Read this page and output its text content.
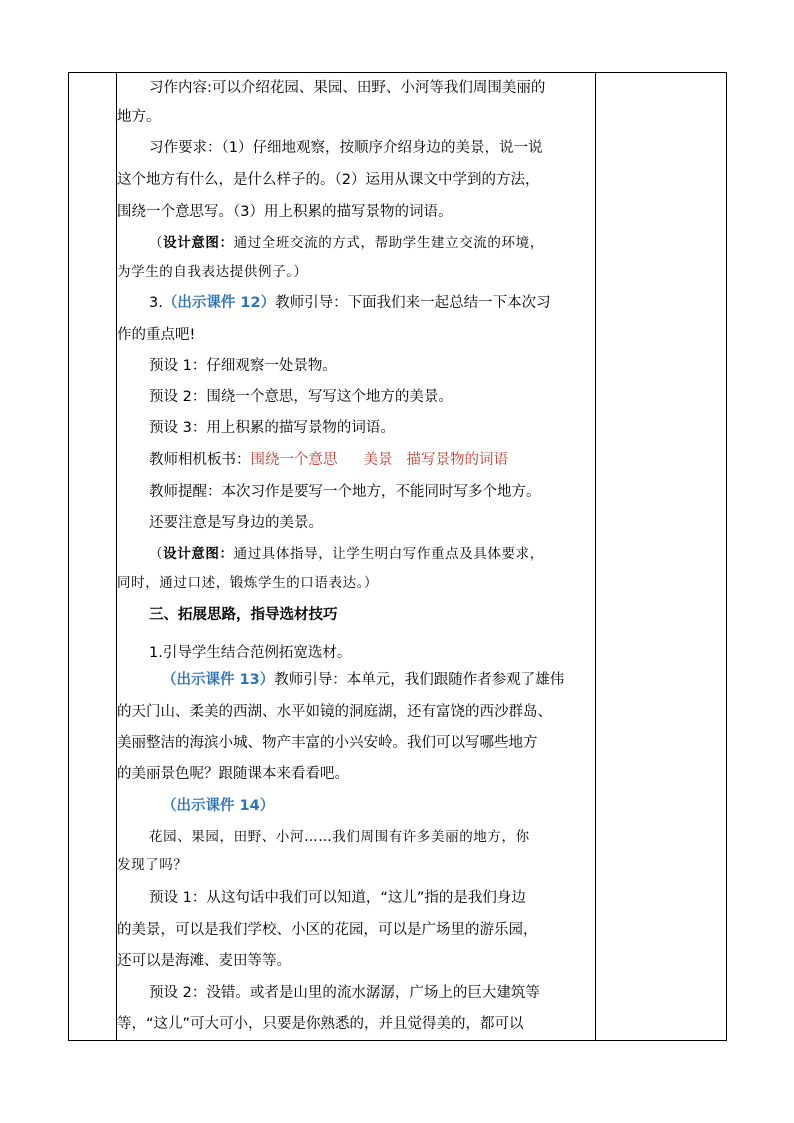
习作内容:可以介绍花园、果园、田野、小河等我们周围美丽的
地方。
习作要求：（1）仔细地观察，按顺序介绍身边的美景，说一说
这个地方有什么，是什么样子的。（2）运用从课文中学到的方法，
围绕一个意思写。（3）用上积累的描写景物的词语。
（设计意图：通过全班交流的方式，帮助学生建立交流的环境，
为学生的自我表达提供例子。）
3.（出示课件 12）教师引导：下面我们来一起总结一下本次习
作的重点吧!
预设 1：仔细观察一处景物。
预设 2：围绕一个意思，写写这个地方的美景。
预设 3：用上积累的描写景物的词语。
教师相机板书：围绕一个意思 美景 描写景物的词语
教师提醒：本次习作是要写一个地方，不能同时写多个地方。
还要注意是写身边的美景。
（设计意图：通过具体指导，让学生明白写作重点及具体要求，
同时，通过口述，锻炼学生的口语表达。）
三、拓展思路，指导选材技巧
1.引导学生结合范例拓宽选材。
（出示课件 13）教师引导：本单元，我们跟随作者参观了雄伟
的天门山、柔美的西湖、水平如镜的洞庭湖，还有富饶的西沙群岛、
美丽整洁的海滨小城、物产丰富的小兴安岭。我们可以写哪些地方
的美丽景色呢？跟随课本来看看吧。
（出示课件 14）
花园、果园，田野、小河……我们周围有许多美丽的地方，你
发现了吗？
预设 1：从这句话中我们可以知道，“这儿”指的是我们身边
的美景，可以是我们学校、小区的花园，可以是广场里的游乐园，
还可以是海滩、麦田等等。
预设 2：没错。或者是山里的流水潺潺，广场上的巨大建筑等
等，“这儿”可大可小，只要是你熟悉的，并且觉得美的，都可以
